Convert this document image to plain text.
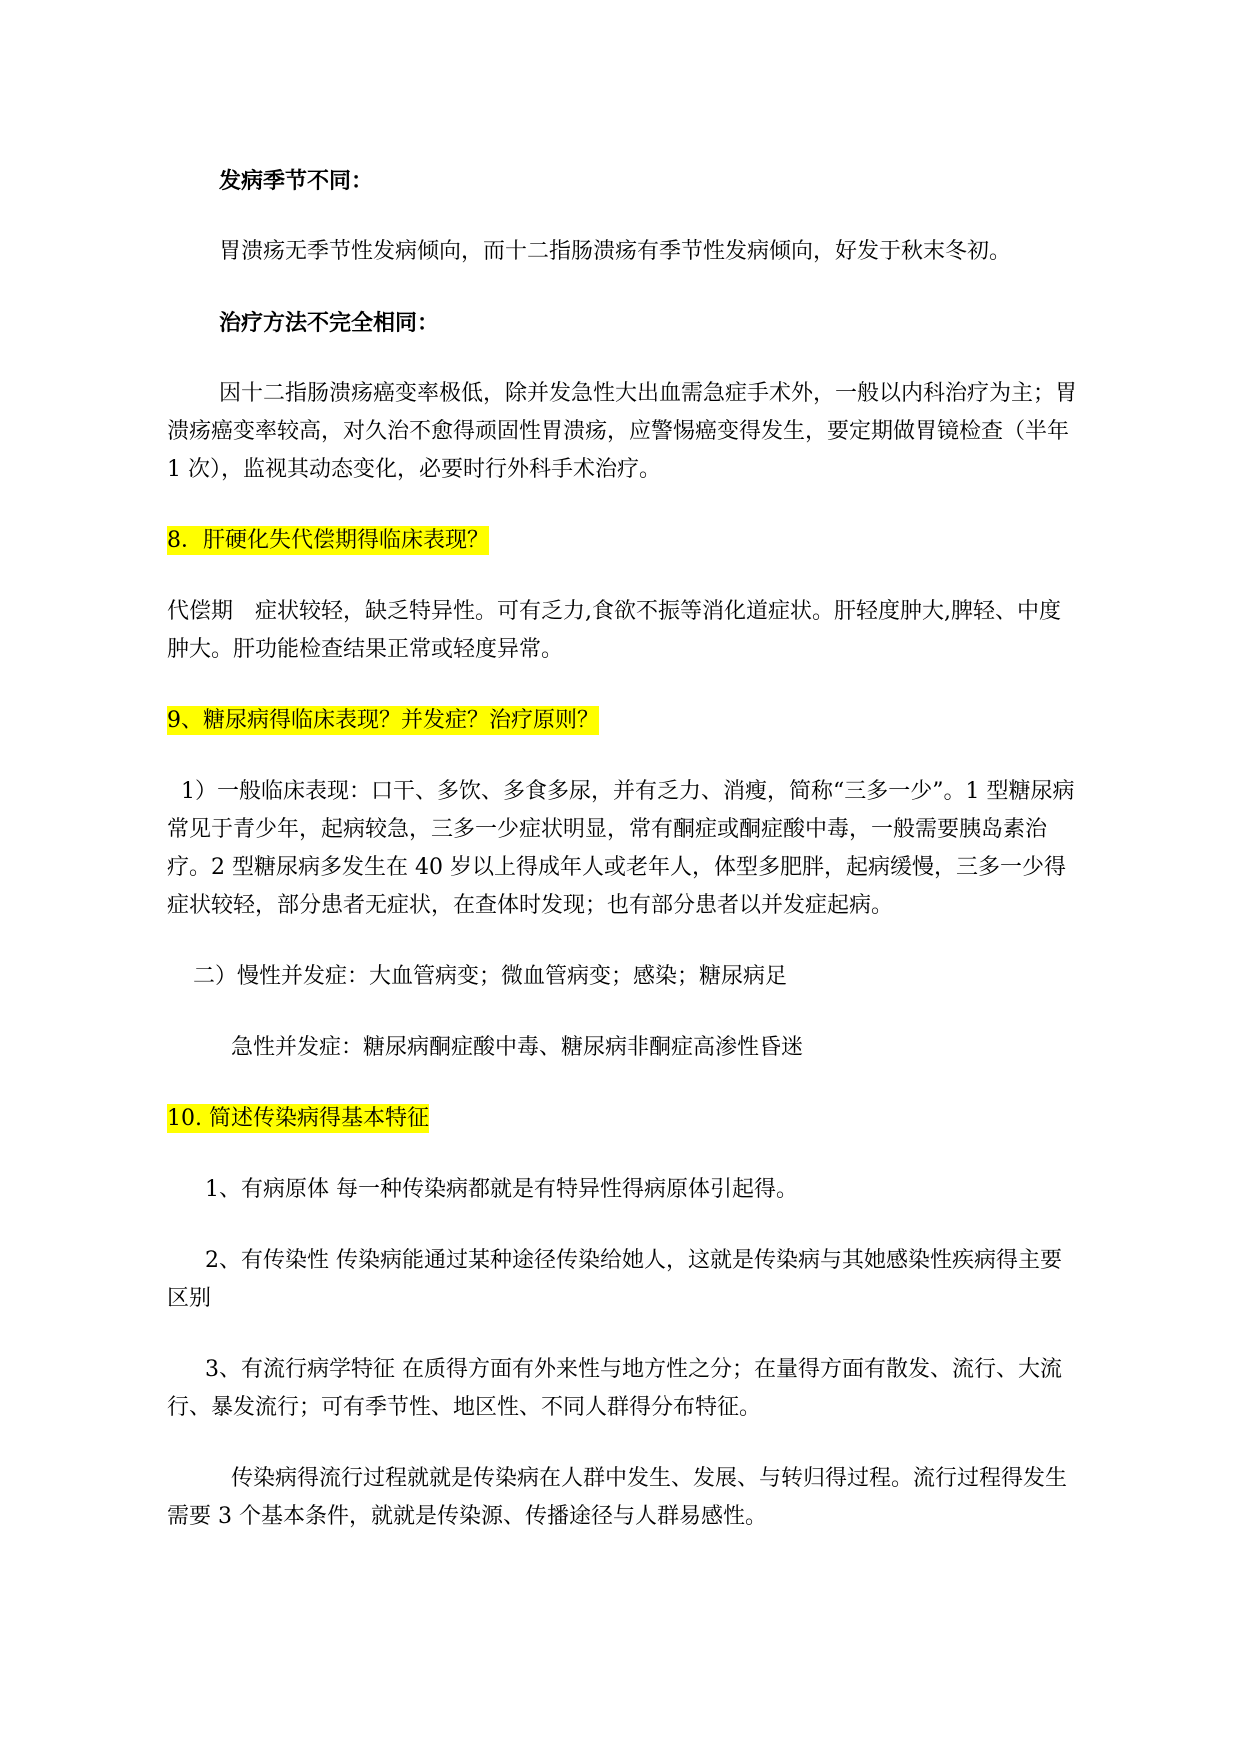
发病季节不同：

胃溃疡无季节性发病倾向，而十二指肠溃疡有季节性发病倾向，好发于秋末冬初。

治疗方法不完全相同：

因十二指肠溃疡癌变率极低，除并发急性大出血需急症手术外，一般以内科治疗为主；胃溃疡癌变率较高，对久治不愈得顽固性胃溃疡，应警惕癌变得发生，要定期做胃镜检查（半年 1 次），监视其动态变化，必要时行外科手术治疗。

8．肝硬化失代偿期得临床表现？

代偿期　症状较轻，缺乏特异性。可有乏力,食欲不振等消化道症状。肝轻度肿大,脾轻、中度肿大。肝功能检查结果正常或轻度异常。

9、糖尿病得临床表现？并发症？治疗原则？

1）一般临床表现：口干、多饮、多食多尿，并有乏力、消瘦，简称“三多一少”。1 型糖尿病常见于青少年，起病较急，三多一少症状明显，常有酮症或酮症酸中毒，一般需要胰岛素治疗。2 型糖尿病多发生在 40 岁以上得成年人或老年人，体型多肥胖，起病缓慢，三多一少得症状较轻，部分患者无症状，在查体时发现；也有部分患者以并发症起病。

二）慢性并发症：大血管病变；微血管病变；感染；糖尿病足

急性并发症：糖尿病酮症酸中毒、糖尿病非酮症高渗性昏迷

10. 简述传染病得基本特征

1、有病原体 每一种传染病都就是有特异性得病原体引起得。

2、有传染性 传染病能通过某种途径传染给她人，这就是传染病与其她感染性疾病得主要区别

3、有流行病学特征 在质得方面有外来性与地方性之分；在量得方面有散发、流行、大流行、暴发流行；可有季节性、地区性、不同人群得分布特征。

传染病得流行过程就就是传染病在人群中发生、发展、与转归得过程。流行过程得发生需要 3 个基本条件，就就是传染源、传播途径与人群易感性。
